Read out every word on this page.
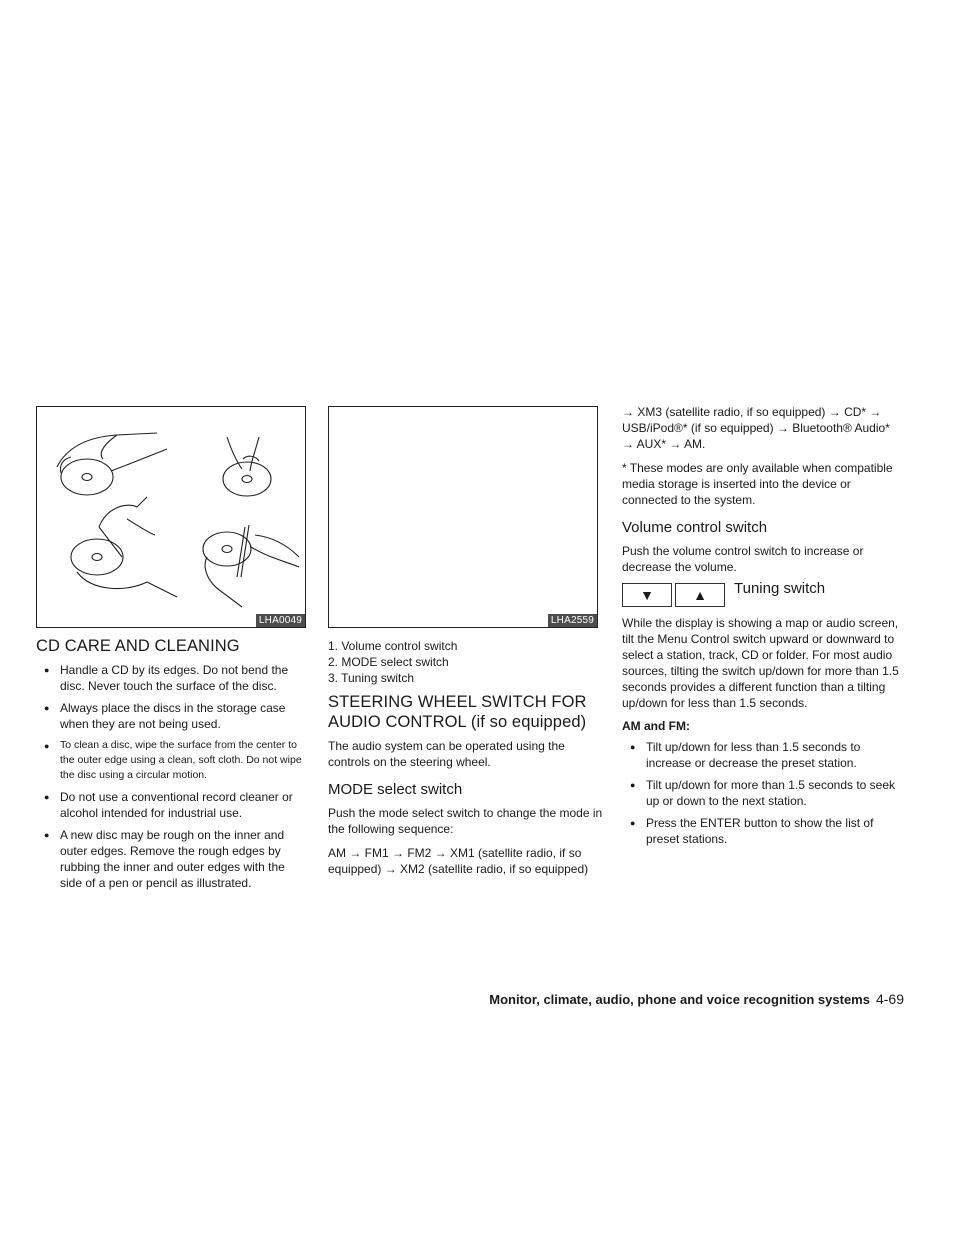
LHA0049
CD CARE AND CLEANING
● Handle a CD by its edges. Do not bend the disc. Never touch the surface of the disc.
● Always place the discs in the storage case when they are not being used.
● To clean a disc, wipe the surface from the center to the outer edge using a clean, soft cloth. Do not wipe the disc using a circular motion.
● Do not use a conventional record cleaner or alcohol intended for industrial use.
● A new disc may be rough on the inner and outer edges. Remove the rough edges by rubbing the inner and outer edges with the side of a pen or pencil as illustrated.
LHA2559
1. Volume control switch
2. MODE select switch
3. Tuning switch
STEERING WHEEL SWITCH FOR AUDIO CONTROL (if so equipped)

The audio system can be operated using the controls on the steering wheel.

MODE select switch

Push the mode select switch to change the mode in the following sequence:

AM → FM1 → FM2 → XM1 (satellite radio, if so equipped) → XM2 (satellite radio, if so equipped)

→ XM3 (satellite radio, if so equipped) → CD* → USB/iPod®* (if so equipped) → Bluetooth® Audio* → AUX* → AM.

* These modes are only available when compatible media storage is inserted into the device or connected to the system.

Volume control switch

Push the volume control switch to increase or decrease the volume.

▼	▲	Tuning switch

While the display is showing a map or audio screen, tilt the Menu Control switch upward or downward to select a station, track, CD or folder. For most audio sources, tilting the switch up/down for more than 1.5 seconds provides a different function than a tilting up/down for less than 1.5 seconds.

AM and FM:
● Tilt up/down for less than 1.5 seconds to increase or decrease the preset station.
● Tilt up/down for more than 1.5 seconds to seek up or down to the next station.
● Press the ENTER button to show the list of preset stations.
Monitor, climate, audio, phone and voice recognition systems 4-69
